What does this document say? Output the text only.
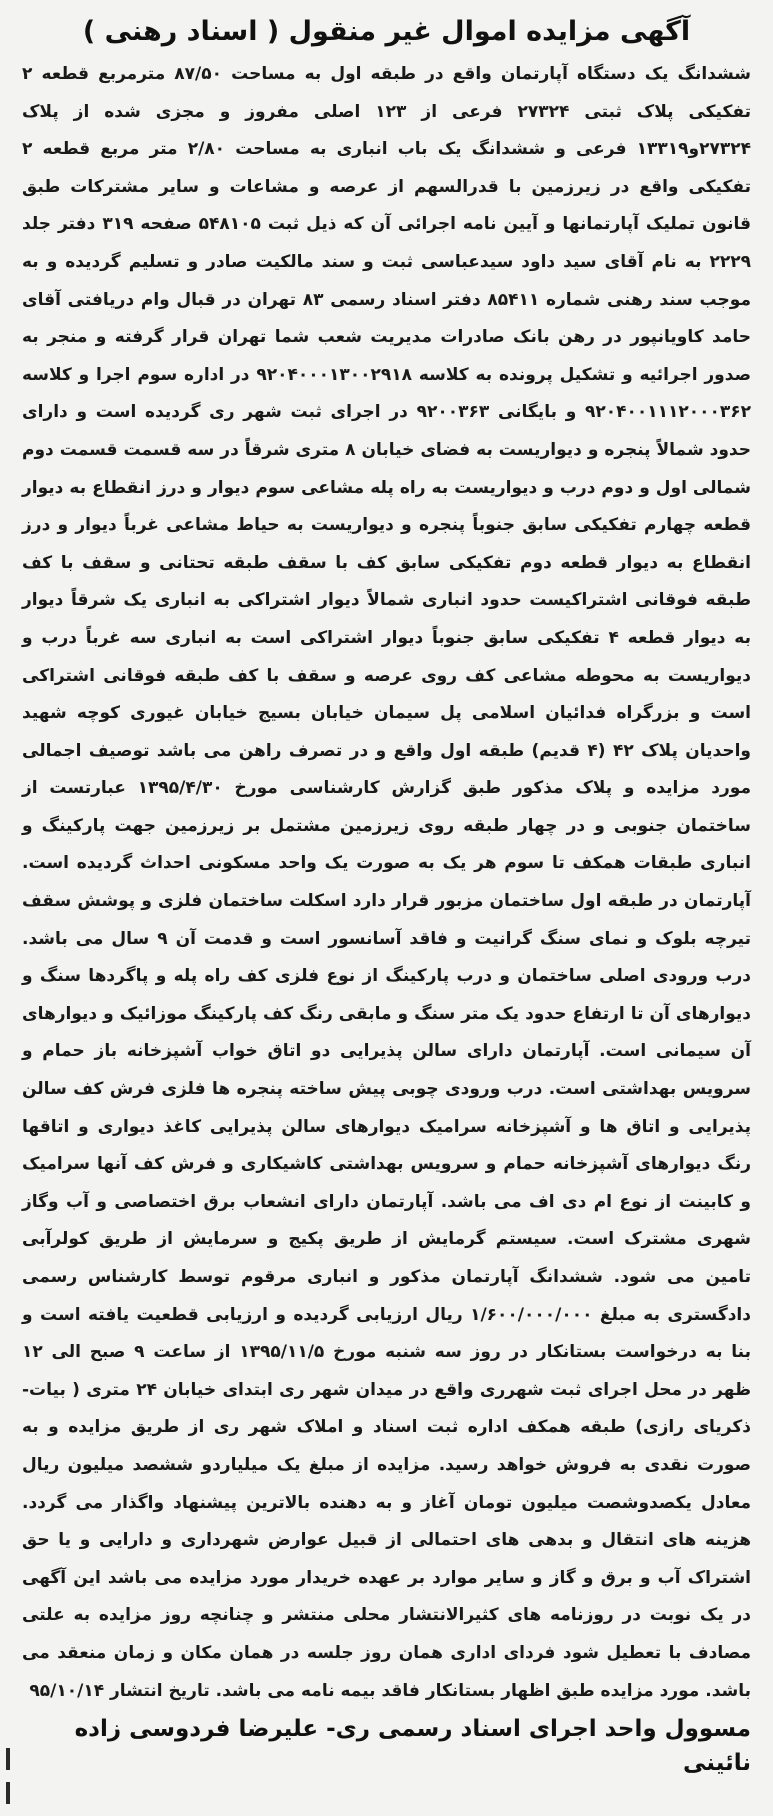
آگهی مزایده اموال غیر منقول ( اسناد رهنی )

ششدانگ یک دستگاه آپارتمان واقع در طبقه اول به مساحت ۸۷/۵۰ مترمربع قطعه ۲ تفکیکی پلاک ثبتی ۲۷۳۲۴ فرعی از ۱۲۳ اصلی مفروز و مجزی شده از پلاک ۲۷۳۲۴و۱۳۳۱۹ فرعی و ششدانگ یک باب انباری به مساحت ۲/۸۰ متر مربع قطعه ۲ تفکیکی واقع در زیرزمین با قدرالسهم از عرصه و مشاعات و سایر مشترکات طبق قانون تملیک آپارتمانها و آیین نامه اجرائی آن که ذیل ثبت ۵۴۸۱۰۵ صفحه ۳۱۹ دفتر جلد ۲۲۲۹ به نام آقای سید داود سیدعباسی ثبت و سند مالکیت صادر و تسلیم گردیده و به موجب سند رهنی شماره ۸۵۴۱۱ دفتر اسناد رسمی ۸۳ تهران در قبال وام دریافتی آقای حامد کاویانپور در رهن بانک صادرات مدیریت شعب شما تهران قرار گرفته و منجر به صدور اجرائیه و تشکیل پرونده به کلاسه ۹۲۰۴۰۰۰۱۳۰۰۲۹۱۸ در اداره سوم اجرا و کلاسه ۹۲۰۴۰۰۱۱۱۲۰۰۰۳۶۲ و بایگانی ۹۲۰۰۳۶۳ در اجرای ثبت شهر ری گردیده است و دارای حدود شمالاً پنجره و دیواریست به فضای خیابان ۸ متری شرقاً در سه قسمت قسمت دوم شمالی اول و دوم درب و دیواریست به راه پله مشاعی سوم دیوار و درز انقطاع به دیوار قطعه چهارم تفکیکی سابق جنوباً پنجره و دیواریست به حیاط مشاعی غرباً دیوار و درز انقطاع به دیوار قطعه دوم تفکیکی سابق کف با سقف طبقه تحتانی و سقف با کف طبقه فوقانی اشتراکیست حدود انباری شمالاً دیوار اشتراکی به انباری یک شرقاً دیوار به دیوار قطعه ۴ تفکیکی سابق جنوباً دیوار اشتراکی است به انباری سه غرباً درب و دیواریست به محوطه مشاعی کف روی عرصه و سقف با کف طبقه فوقانی اشتراکی است و بزرگراه فدائیان اسلامی پل سیمان خیابان بسیج خیابان غیوری کوچه شهید واحدیان پلاک ۴۲ (۴ قدیم) طبقه اول واقع و در تصرف راهن می باشد توصیف اجمالی مورد مزایده و پلاک مذکور طبق گزارش کارشناسی مورخ ۱۳۹۵/۴/۳۰ عبارتست از ساختمان جنوبی و در چهار طبقه روی زیرزمین مشتمل بر زیرزمین جهت پارکینگ و انباری طبقات همکف تا سوم هر یک به صورت یک واحد مسکونی احداث گردیده است. آپارتمان در طبقه اول ساختمان مزبور قرار دارد اسکلت ساختمان فلزی و پوشش سقف تیرچه بلوک و نمای سنگ گرانیت و فاقد آسانسور است و قدمت آن ۹ سال می باشد. درب ورودی اصلی ساختمان و درب پارکینگ از نوع فلزی کف راه پله و پاگردها سنگ و دیوارهای آن تا ارتفاع حدود یک متر سنگ و مابقی رنگ کف پارکینگ موزائیک و دیوارهای آن سیمانی است. آپارتمان دارای سالن پذیرایی دو اتاق خواب آشپزخانه باز حمام و سرویس بهداشتی است. درب ورودی چوبی پیش ساخته پنجره ها فلزی فرش کف سالن پذیرایی و اتاق ها و آشپزخانه سرامیک دیوارهای سالن پذیرایی کاغذ دیواری و اتاقها رنگ دیوارهای آشپزخانه حمام و سرویس بهداشتی کاشیکاری و فرش کف آنها سرامیک و کابینت از نوع ام دی اف می باشد. آپارتمان دارای انشعاب برق اختصاصی و آب وگاز شهری مشترک است. سیستم گرمایش از طریق پکیج و سرمایش از طریق کولرآبی تامین می شود. ششدانگ آپارتمان مذکور و انباری مرقوم توسط کارشناس رسمی دادگستری به مبلغ ۱/۶۰۰/۰۰۰/۰۰۰ ریال ارزیابی گردیده و ارزیابی قطعیت یافته است و بنا به درخواست بستانکار در روز سه شنبه مورخ ۱۳۹۵/۱۱/۵ از ساعت ۹ صبح الی ۱۲ ظهر در محل اجرای ثبت شهرری واقع در میدان شهر ری ابتدای خیابان ۲۴ متری ( بیات- ذکریای رازی) طبقه همکف اداره ثبت اسناد و املاک شهر ری از طریق مزایده و به صورت نقدی به فروش خواهد رسید. مزایده از مبلغ یک میلیاردو ششصد میلیون ریال معادل یکصدوشصت میلیون تومان آغاز و به دهنده بالاترین پیشنهاد واگذار می گردد. هزینه های انتقال و بدهی های احتمالی از قبیل عوارض شهرداری و دارایی و یا حق اشتراک آب و برق و گاز و سایر موارد بر عهده خریدار مورد مزایده می باشد این آگهی در یک نوبت در روزنامه های کثیرالانتشار محلی منتشر و چنانچه روز مزایده به علتی مصادف با تعطیل شود فردای اداری همان روز جلسه در همان مکان و زمان منعقد می باشد. مورد مزایده طبق اظهار بستانکار فاقد بیمه نامه می باشد. تاریخ انتشار ۹۵/۱۰/۱۴

مسوول واحد اجرای اسناد رسمی ری- علیرضا فردوسی زاده نائینی
